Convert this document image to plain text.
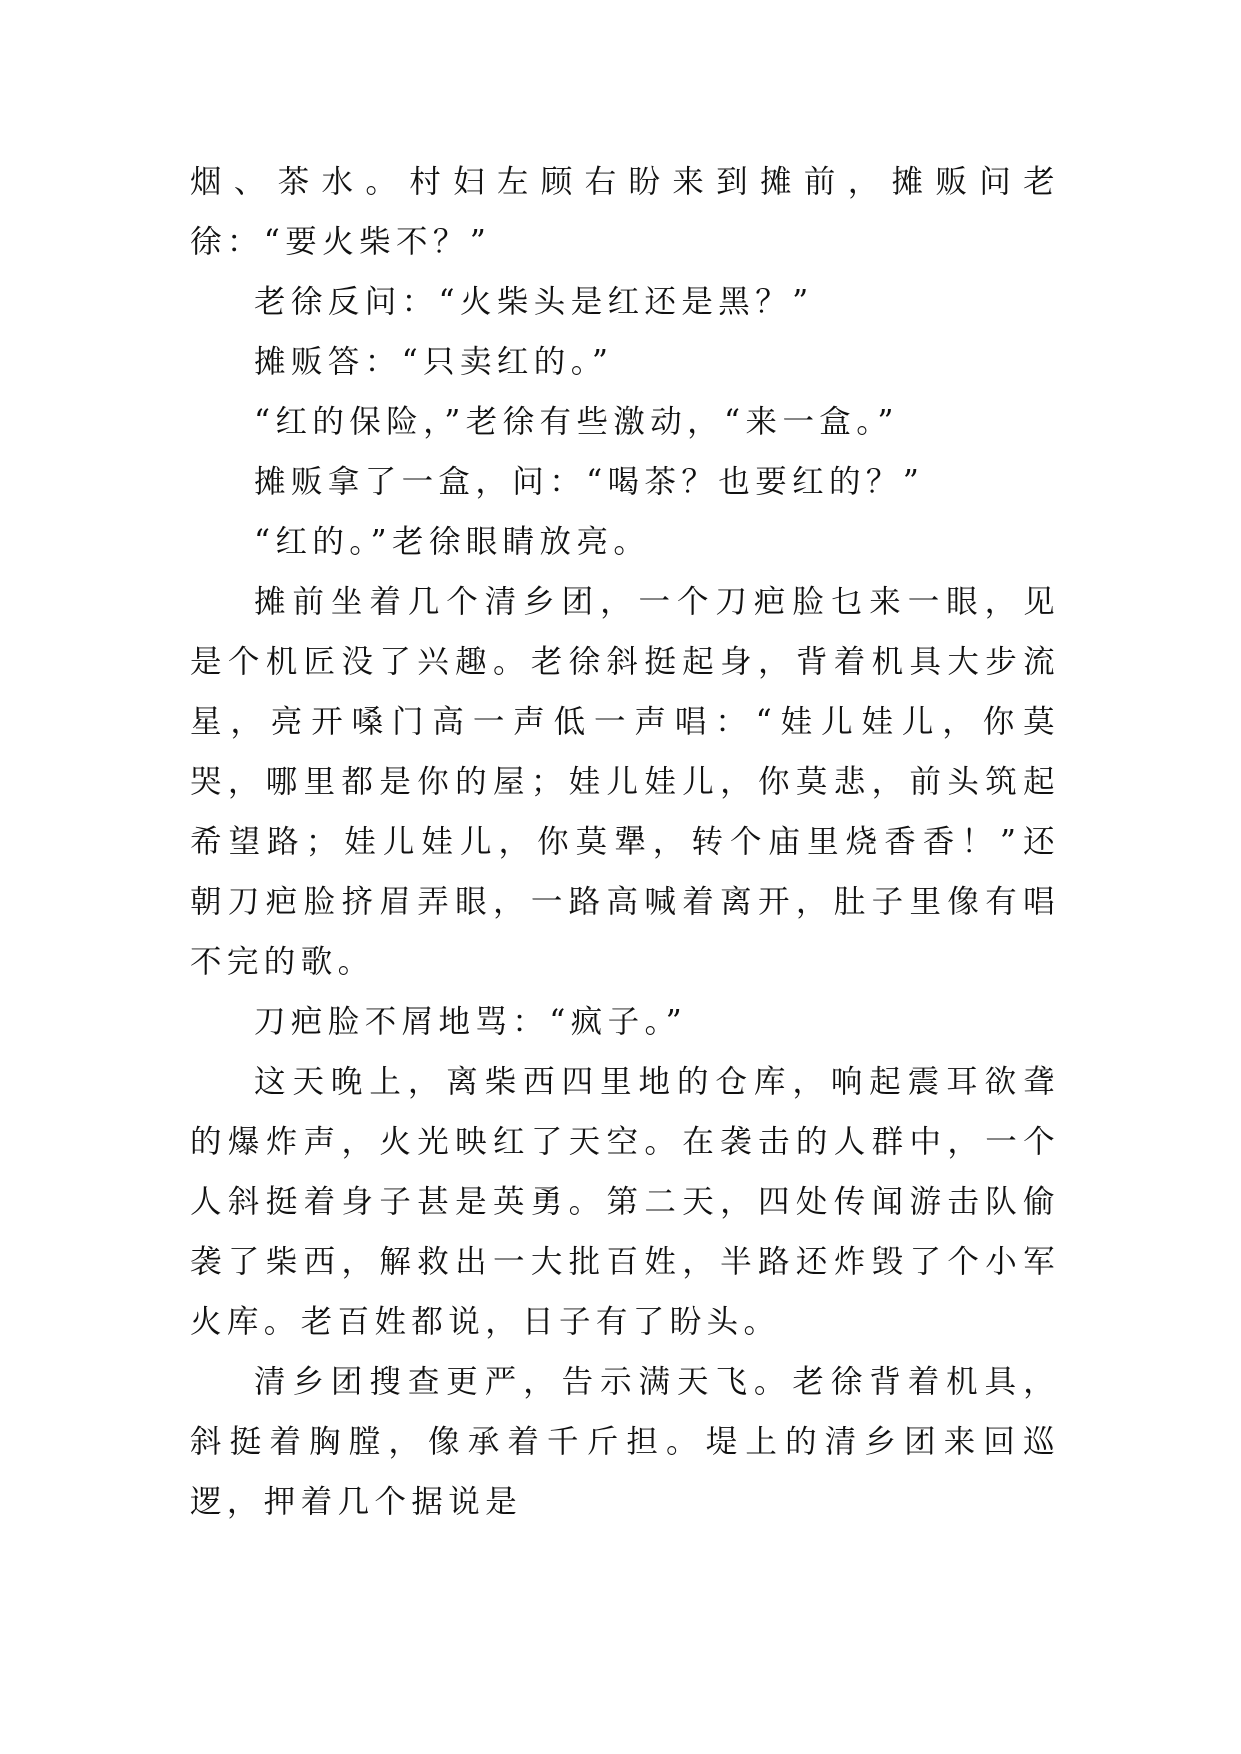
烟、茶水。村妇左顾右盼来到摊前，摊贩问老徐：“要火柴不？”

老徐反问：“火柴头是红还是黑？”

摊贩答：“只卖红的。”

“红的保险，”老徐有些激动，“来一盒。”

摊贩拿了一盒，问：“喝茶？也要红的？”

“红的。”老徐眼睛放亮。

摊前坐着几个清乡团，一个刀疤脸乜来一眼，见是个机匠没了兴趣。老徐斜挺起身，背着机具大步流星，亮开嗓门高一声低一声唱：“娃儿娃儿，你莫哭，哪里都是你的屋；娃儿娃儿，你莫悲，前头筑起希望路；娃儿娃儿，你莫犟，转个庙里烧香香！”还朝刀疤脸挤眉弄眼，一路高喊着离开，肚子里像有唱不完的歌。

刀疤脸不屑地骂：“疯子。”

这天晚上，离柴西四里地的仓库，响起震耳欲聋的爆炸声，火光映红了天空。在袭击的人群中，一个人斜挺着身子甚是英勇。第二天，四处传闻游击队偷袭了柴西，解救出一大批百姓，半路还炸毁了个小军火库。老百姓都说，日子有了盼头。

清乡团搜查更严，告示满天飞。老徐背着机具，斜挺着胸膛，像承着千斤担。堤上的清乡团来回巡逻，押着几个据说是
